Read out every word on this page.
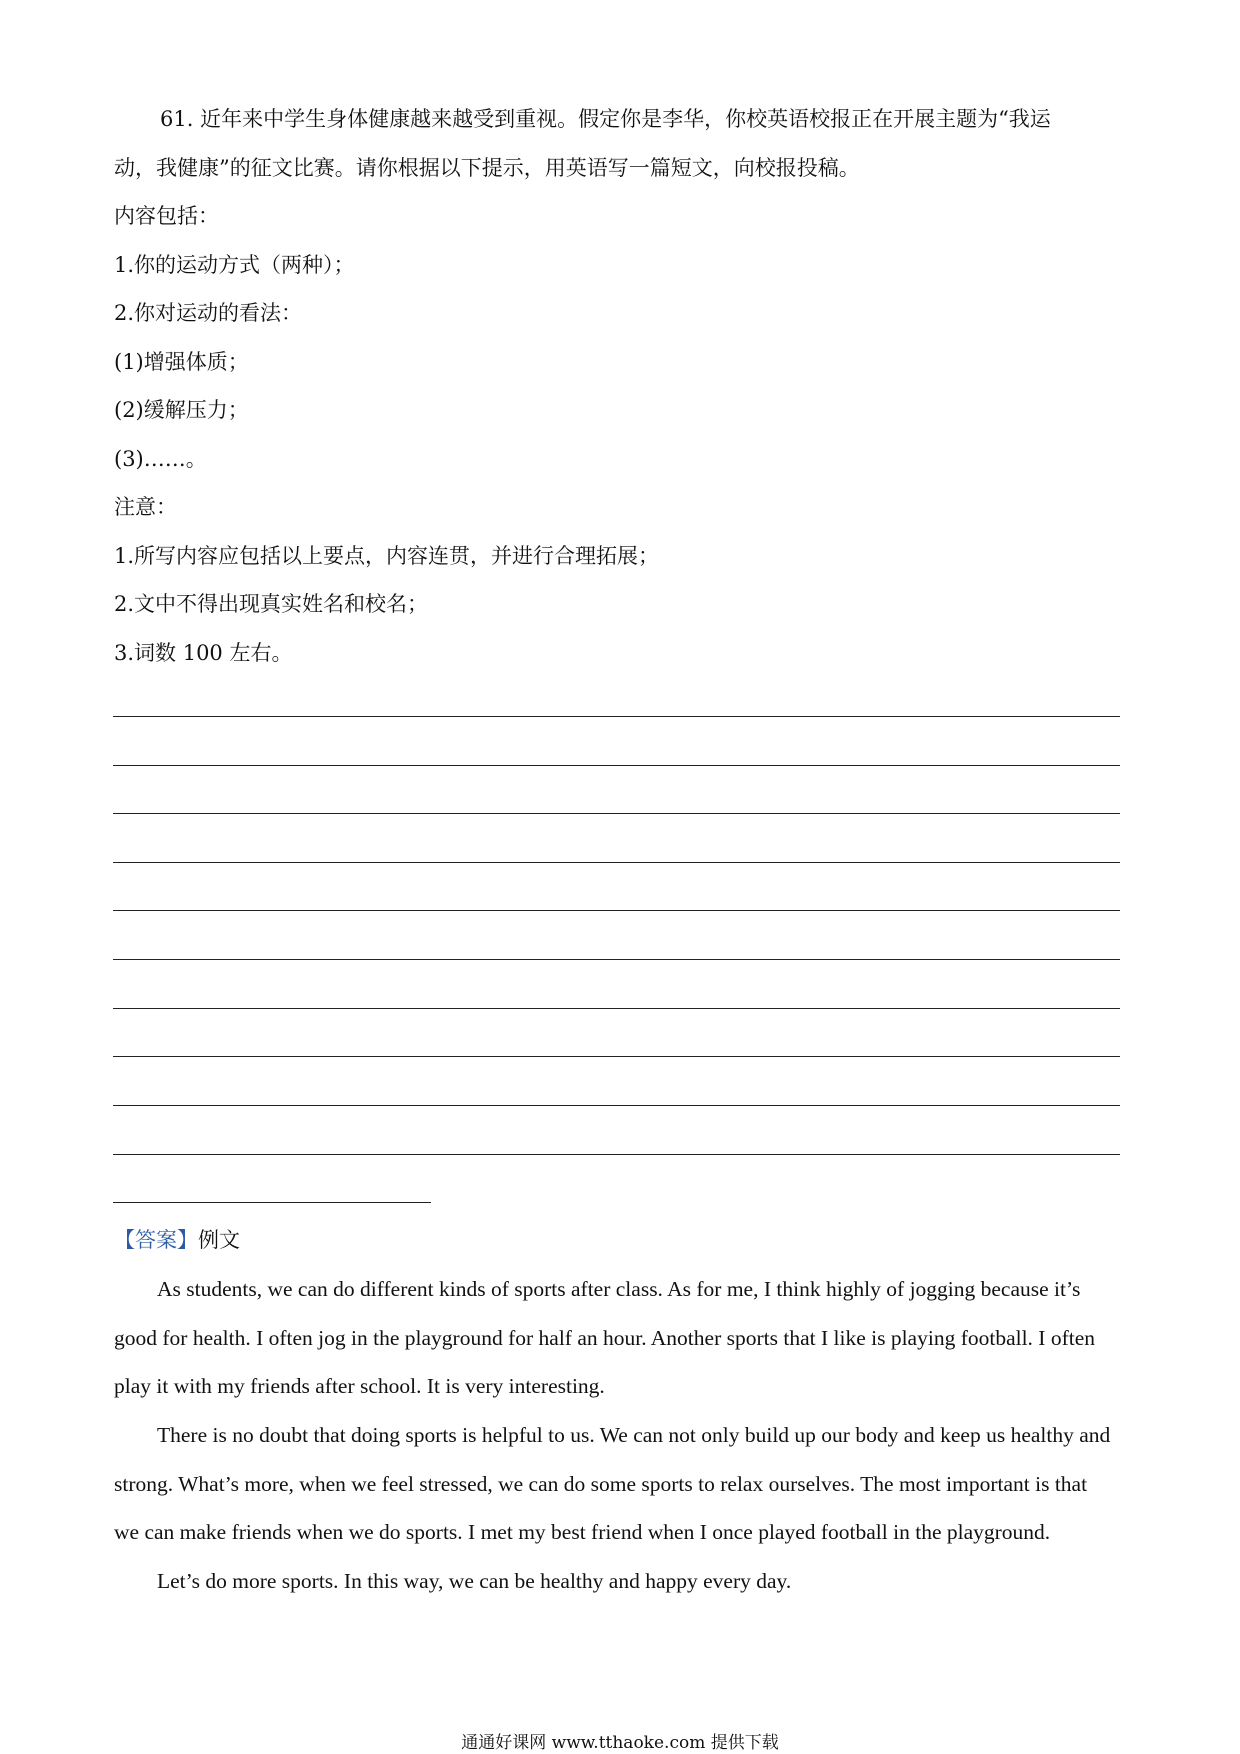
61. 近年来中学生身体健康越来越受到重视。假定你是李华，你校英语校报正在开展主题为“我运
动，我健康”的征文比赛。请你根据以下提示，用英语写一篇短文，向校报投稿。
内容包括：
1.你的运动方式（两种）；
2.你对运动的看法：
(1)增强体质；
(2)缓解压力；
(3)……。
注意：
1.所写内容应包括以上要点，内容连贯，并进行合理拓展；
2.文中不得出现真实姓名和校名；
3.词数 100 左右。
【答案】例文
As students, we can do different kinds of sports after class. As for me, I think highly of jogging because it’s
good for health. I often jog in the playground for half an hour. Another sports that I like is playing football. I often
play it with my friends after school. It is very interesting.
There is no doubt that doing sports is helpful to us. We can not only build up our body and keep us healthy and
strong. What’s more, when we feel stressed, we can do some sports to relax ourselves. The most important is that
we can make friends when we do sports. I met my best friend when I once played football in the playground.
Let’s do more sports. In this way, we can be healthy and happy every day.
通通好课网 www.tthaoke.com 提供下载
